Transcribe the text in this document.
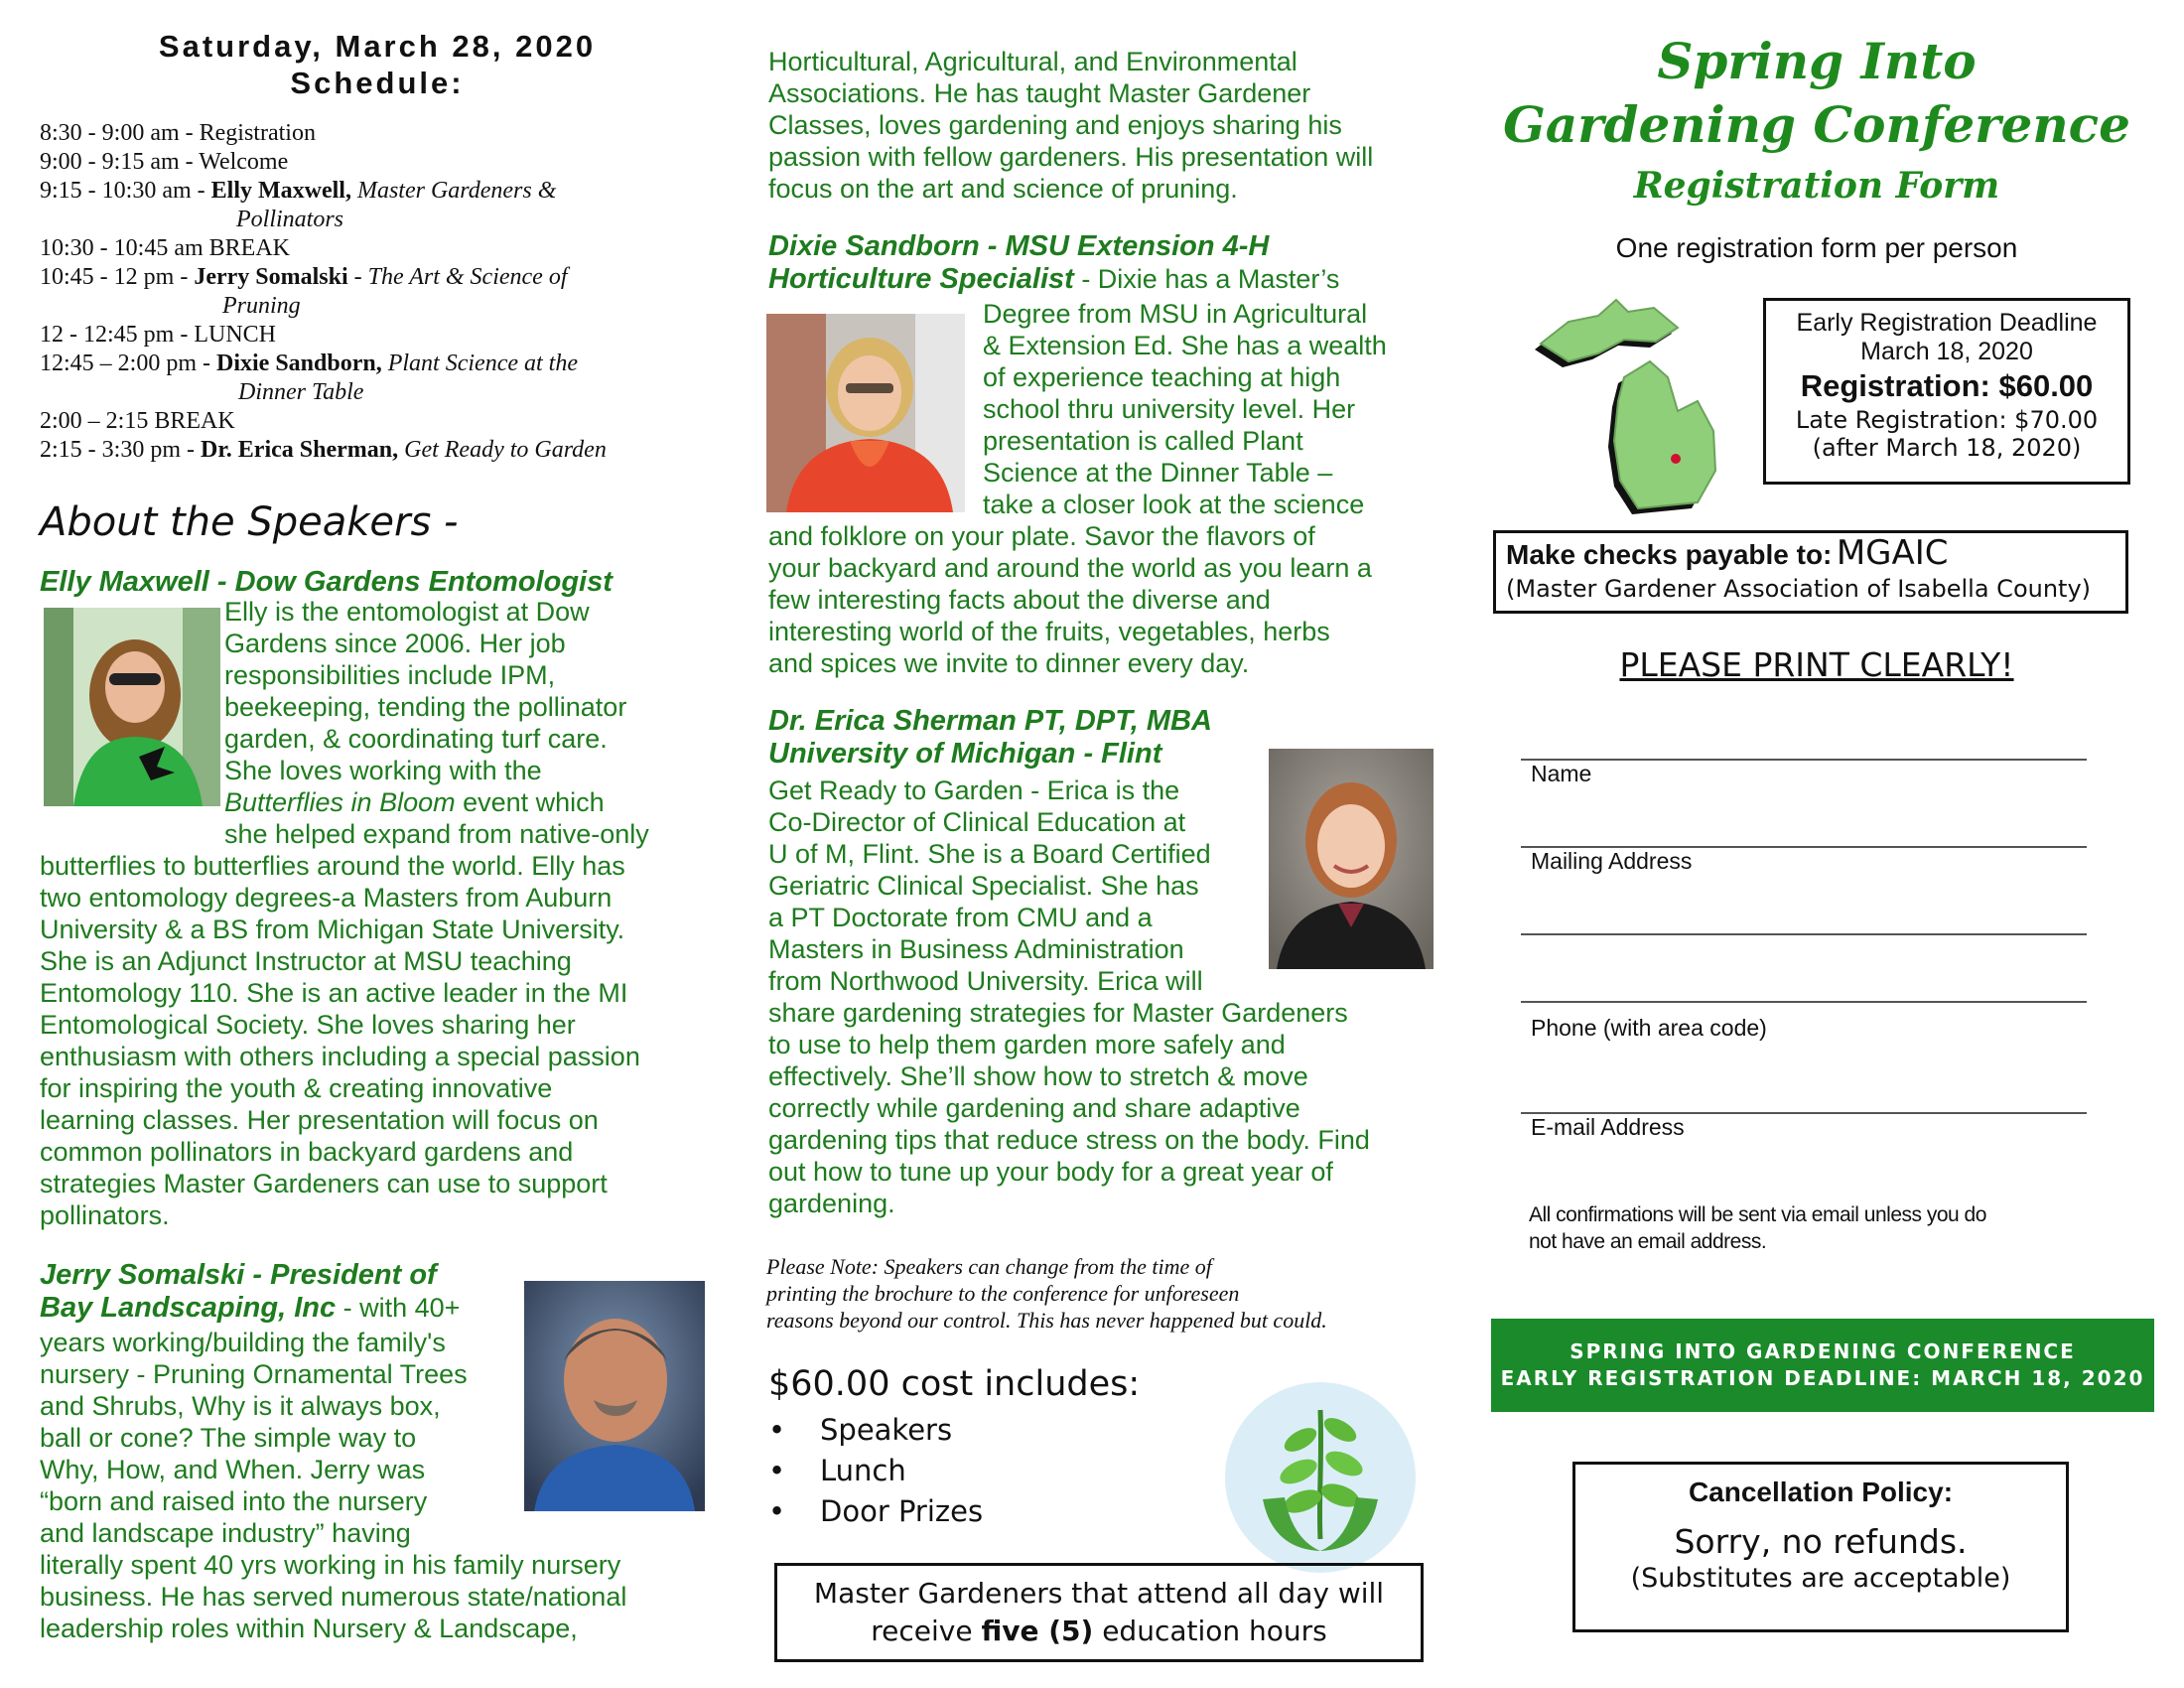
Saturday, March 28, 2020
Schedule:
8:30 - 9:00 am - Registration
9:00 - 9:15 am - Welcome
9:15 - 10:30 am - Elly Maxwell, Master Gardeners &
Pollinators
10:30 - 10:45 am BREAK
10:45 - 12 pm - Jerry Somalski - The Art & Science of
Pruning
12 - 12:45 pm - LUNCH
12:45 – 2:00 pm - Dixie Sandborn, Plant Science at the
Dinner Table
2:00 – 2:15 BREAK
2:15 - 3:30 pm - Dr. Erica Sherman, Get Ready to Garden
About the Speakers -
Elly Maxwell - Dow Gardens Entomologist
Elly is the entomologist at Dow
Gardens since 2006. Her job
responsibilities include IPM,
beekeeping, tending the pollinator
garden, & coordinating turf care.
She loves working with the
Butterflies in Bloom event which
she helped expand from native-only
butterflies to butterflies around the world. Elly has
two entomology degrees-a Masters from Auburn
University & a BS from Michigan State University.
She is an Adjunct Instructor at MSU teaching
Entomology 110. She is an active leader in the MI
Entomological Society. She loves sharing her
enthusiasm with others including a special passion
for inspiring the youth & creating innovative
learning classes. Her presentation will focus on
common pollinators in backyard gardens and
strategies Master Gardeners can use to support
pollinators.
Jerry Somalski - President of
Bay Landscaping, Inc - with 40+
years working/building the family's
nursery - Pruning Ornamental Trees
and Shrubs, Why is it always box,
ball or cone? The simple way to
Why, How, and When. Jerry was
“born and raised into the nursery
and landscape industry” having
literally spent 40 yrs working in his family nursery
business. He has served numerous state/national
leadership roles within Nursery & Landscape,
Horticultural, Agricultural, and Environmental
Associations. He has taught Master Gardener
Classes, loves gardening and enjoys sharing his
passion with fellow gardeners. His presentation will
focus on the art and science of pruning.
Dixie Sandborn - MSU Extension 4-H
Horticulture Specialist - Dixie has a Master’s
Degree from MSU in Agricultural
& Extension Ed. She has a wealth
of experience teaching at high
school thru university level. Her
presentation is called Plant
Science at the Dinner Table –
take a closer look at the science
and folklore on your plate. Savor the flavors of
your backyard and around the world as you learn a
few interesting facts about the diverse and
interesting world of the fruits, vegetables, herbs
and spices we invite to dinner every day.
Dr. Erica Sherman PT, DPT, MBA
University of Michigan - Flint
Get Ready to Garden - Erica is the
Co-Director of Clinical Education at
U of M, Flint. She is a Board Certified
Geriatric Clinical Specialist. She has
a PT Doctorate from CMU and a
Masters in Business Administration
from Northwood University. Erica will
share gardening strategies for Master Gardeners
to use to help them garden more safely and
effectively. She’ll show how to stretch & move
correctly while gardening and share adaptive
gardening tips that reduce stress on the body. Find
out how to tune up your body for a great year of
gardening.
Please Note: Speakers can change from the time of
printing the brochure to the conference for unforeseen
reasons beyond our control. This has never happened but could.
$60.00 cost includes:
• Speakers
• Lunch
• Door Prizes
Master Gardeners that attend all day will
receive five (5) education hours
Spring Into
Gardening Conference
Registration Form
One registration form per person
Early Registration Deadline
March 18, 2020
Registration: $60.00
Late Registration: $70.00
(after March 18, 2020)
Make checks payable to: MGAIC
(Master Gardener Association of Isabella County)
PLEASE PRINT CLEARLY!
Name
Mailing Address
Phone (with area code)
E-mail Address
All confirmations will be sent via email unless you do
not have an email address.
SPRING INTO GARDENING CONFERENCE
EARLY REGISTRATION DEADLINE: MARCH 18, 2020
Cancellation Policy:
Sorry, no refunds.
(Substitutes are acceptable)
